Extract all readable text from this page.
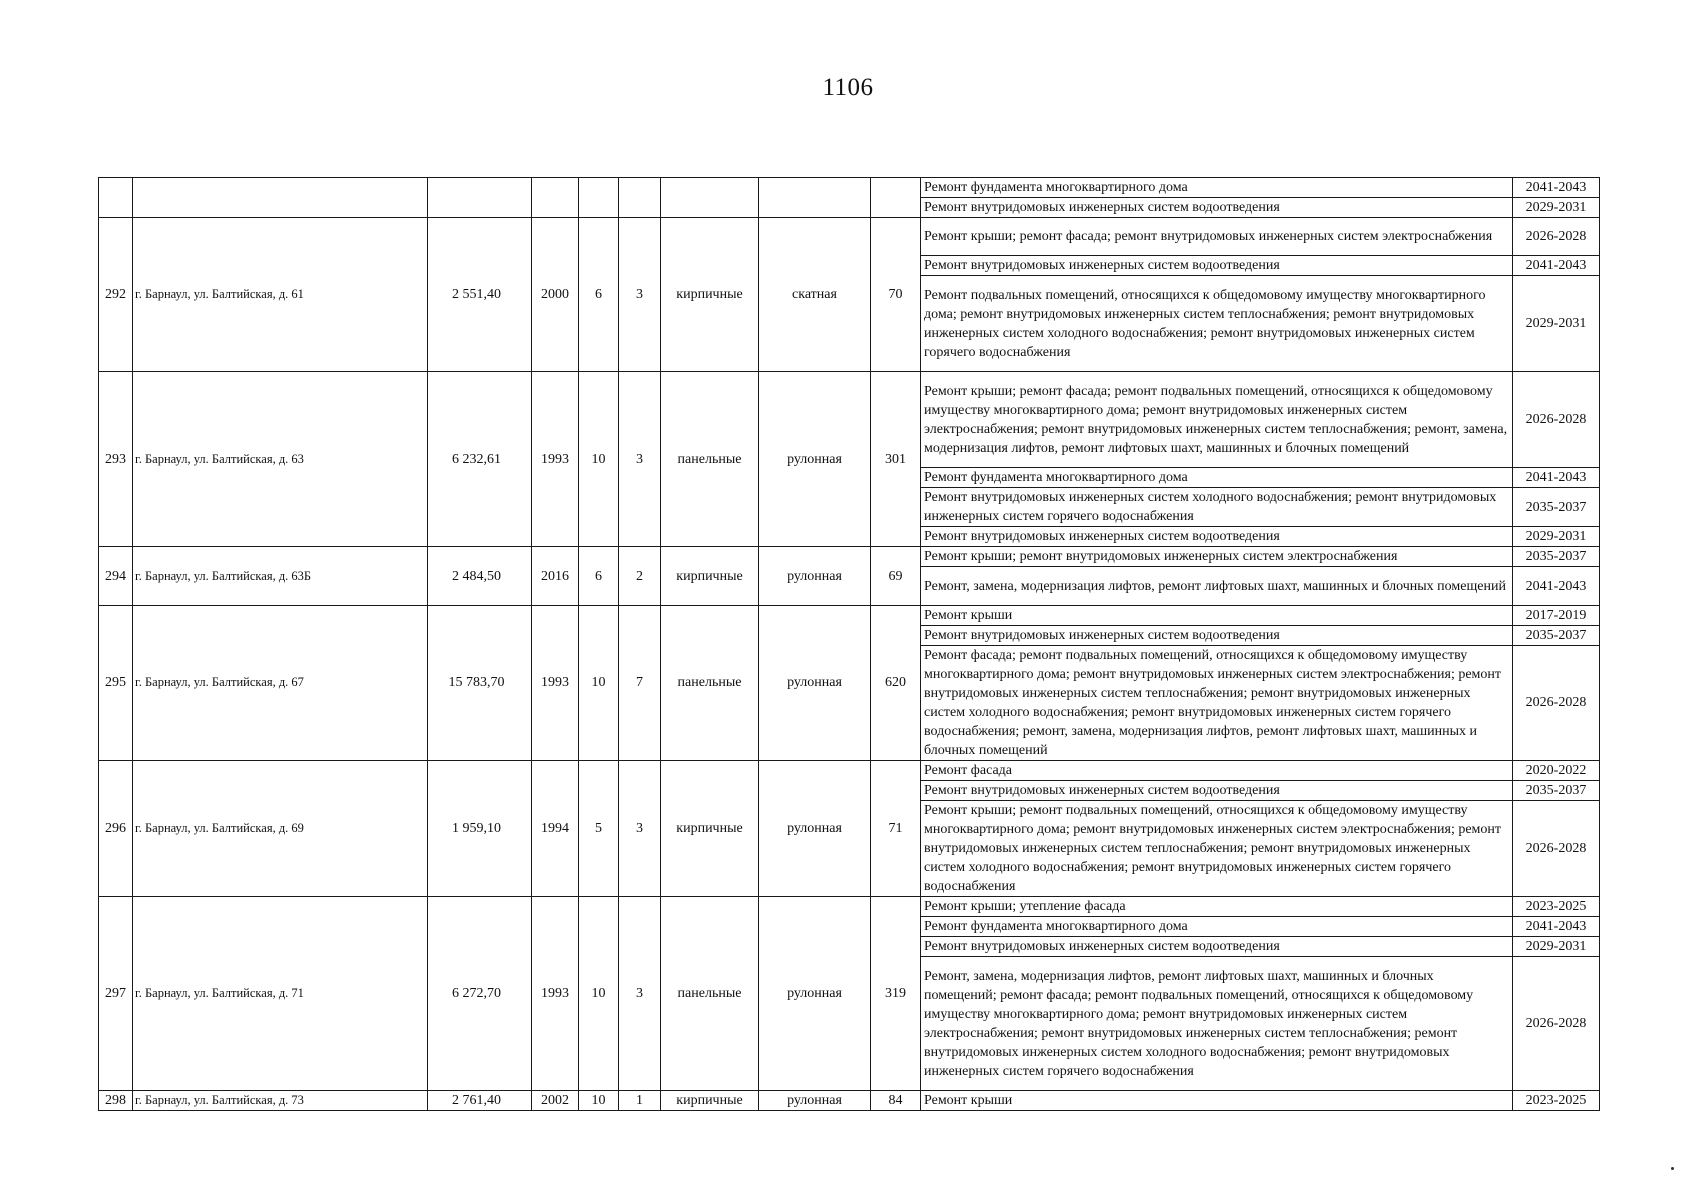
1106
									Ремонт фундамента многоквартирного дома	2041-2043
									Ремонт внутридомовых инженерных систем водоотведения	2029-2031
292	г. Барнаул, ул. Балтийская, д. 61	2 551,40	2000	6	3	кирпичные	скатная	70	Ремонт крыши; ремонт фасада; ремонт внутридомовых инженерных систем электроснабжения	2026-2028
									Ремонт внутридомовых инженерных систем водоотведения	2041-2043
									Ремонт подвальных помещений, относящихся к общедомовому имуществу многоквартирного дома; ремонт внутридомовых инженерных систем теплоснабжения; ремонт внутридомовых инженерных систем холодного водоснабжения; ремонт внутридомовых инженерных систем горячего водоснабжения	2029-2031
293	г. Барнаул, ул. Балтийская, д. 63	6 232,61	1993	10	3	панельные	рулонная	301	Ремонт крыши; ремонт фасада; ремонт подвальных помещений, относящихся к общедомовому имуществу многоквартирного дома; ремонт внутридомовых инженерных систем электроснабжения; ремонт внутридомовых инженерных систем теплоснабжения; ремонт, замена, модернизация лифтов, ремонт лифтовых шахт, машинных и блочных помещений	2026-2028
									Ремонт фундамента многоквартирного дома	2041-2043
									Ремонт внутридомовых инженерных систем холодного водоснабжения; ремонт внутридомовых инженерных систем горячего водоснабжения	2035-2037
									Ремонт внутридомовых инженерных систем водоотведения	2029-2031
294	г. Барнаул, ул. Балтийская, д. 63Б	2 484,50	2016	6	2	кирпичные	рулонная	69	Ремонт крыши; ремонт внутридомовых инженерных систем электроснабжения	2035-2037
									Ремонт, замена, модернизация лифтов, ремонт лифтовых шахт, машинных и блочных помещений	2041-2043
295	г. Барнаул, ул. Балтийская, д. 67	15 783,70	1993	10	7	панельные	рулонная	620	Ремонт крыши	2017-2019
									Ремонт внутридомовых инженерных систем водоотведения	2035-2037
									Ремонт фасада; ремонт подвальных помещений, относящихся к общедомовому имуществу многоквартирного дома; ремонт внутридомовых инженерных систем электроснабжения; ремонт внутридомовых инженерных систем теплоснабжения; ремонт внутридомовых инженерных систем холодного водоснабжения; ремонт внутридомовых инженерных систем горячего водоснабжения; ремонт, замена, модернизация лифтов, ремонт лифтовых шахт, машинных и блочных помещений	2026-2028
296	г. Барнаул, ул. Балтийская, д. 69	1 959,10	1994	5	3	кирпичные	рулонная	71	Ремонт фасада	2020-2022
									Ремонт внутридомовых инженерных систем водоотведения	2035-2037
									Ремонт крыши; ремонт подвальных помещений, относящихся к общедомовому имуществу многоквартирного дома; ремонт внутридомовых инженерных систем электроснабжения; ремонт внутридомовых инженерных систем теплоснабжения; ремонт внутридомовых инженерных систем холодного водоснабжения; ремонт внутридомовых инженерных систем горячего водоснабжения	2026-2028
297	г. Барнаул, ул. Балтийская, д. 71	6 272,70	1993	10	3	панельные	рулонная	319	Ремонт крыши; утепление фасада	2023-2025
									Ремонт фундамента многоквартирного дома	2041-2043
									Ремонт внутридомовых инженерных систем водоотведения	2029-2031
									Ремонт, замена, модернизация лифтов, ремонт лифтовых шахт, машинных и блочных помещений; ремонт фасада; ремонт подвальных помещений, относящихся к общедомовому имуществу многоквартирного дома; ремонт внутридомовых инженерных систем электроснабжения; ремонт внутридомовых инженерных систем теплоснабжения; ремонт внутридомовых инженерных систем холодного водоснабжения; ремонт внутридомовых инженерных систем горячего водоснабжения	2026-2028
298	г. Барнаул, ул. Балтийская, д. 73	2 761,40	2002	10	1	кирпичные	рулонная	84	Ремонт крыши	2023-2025
